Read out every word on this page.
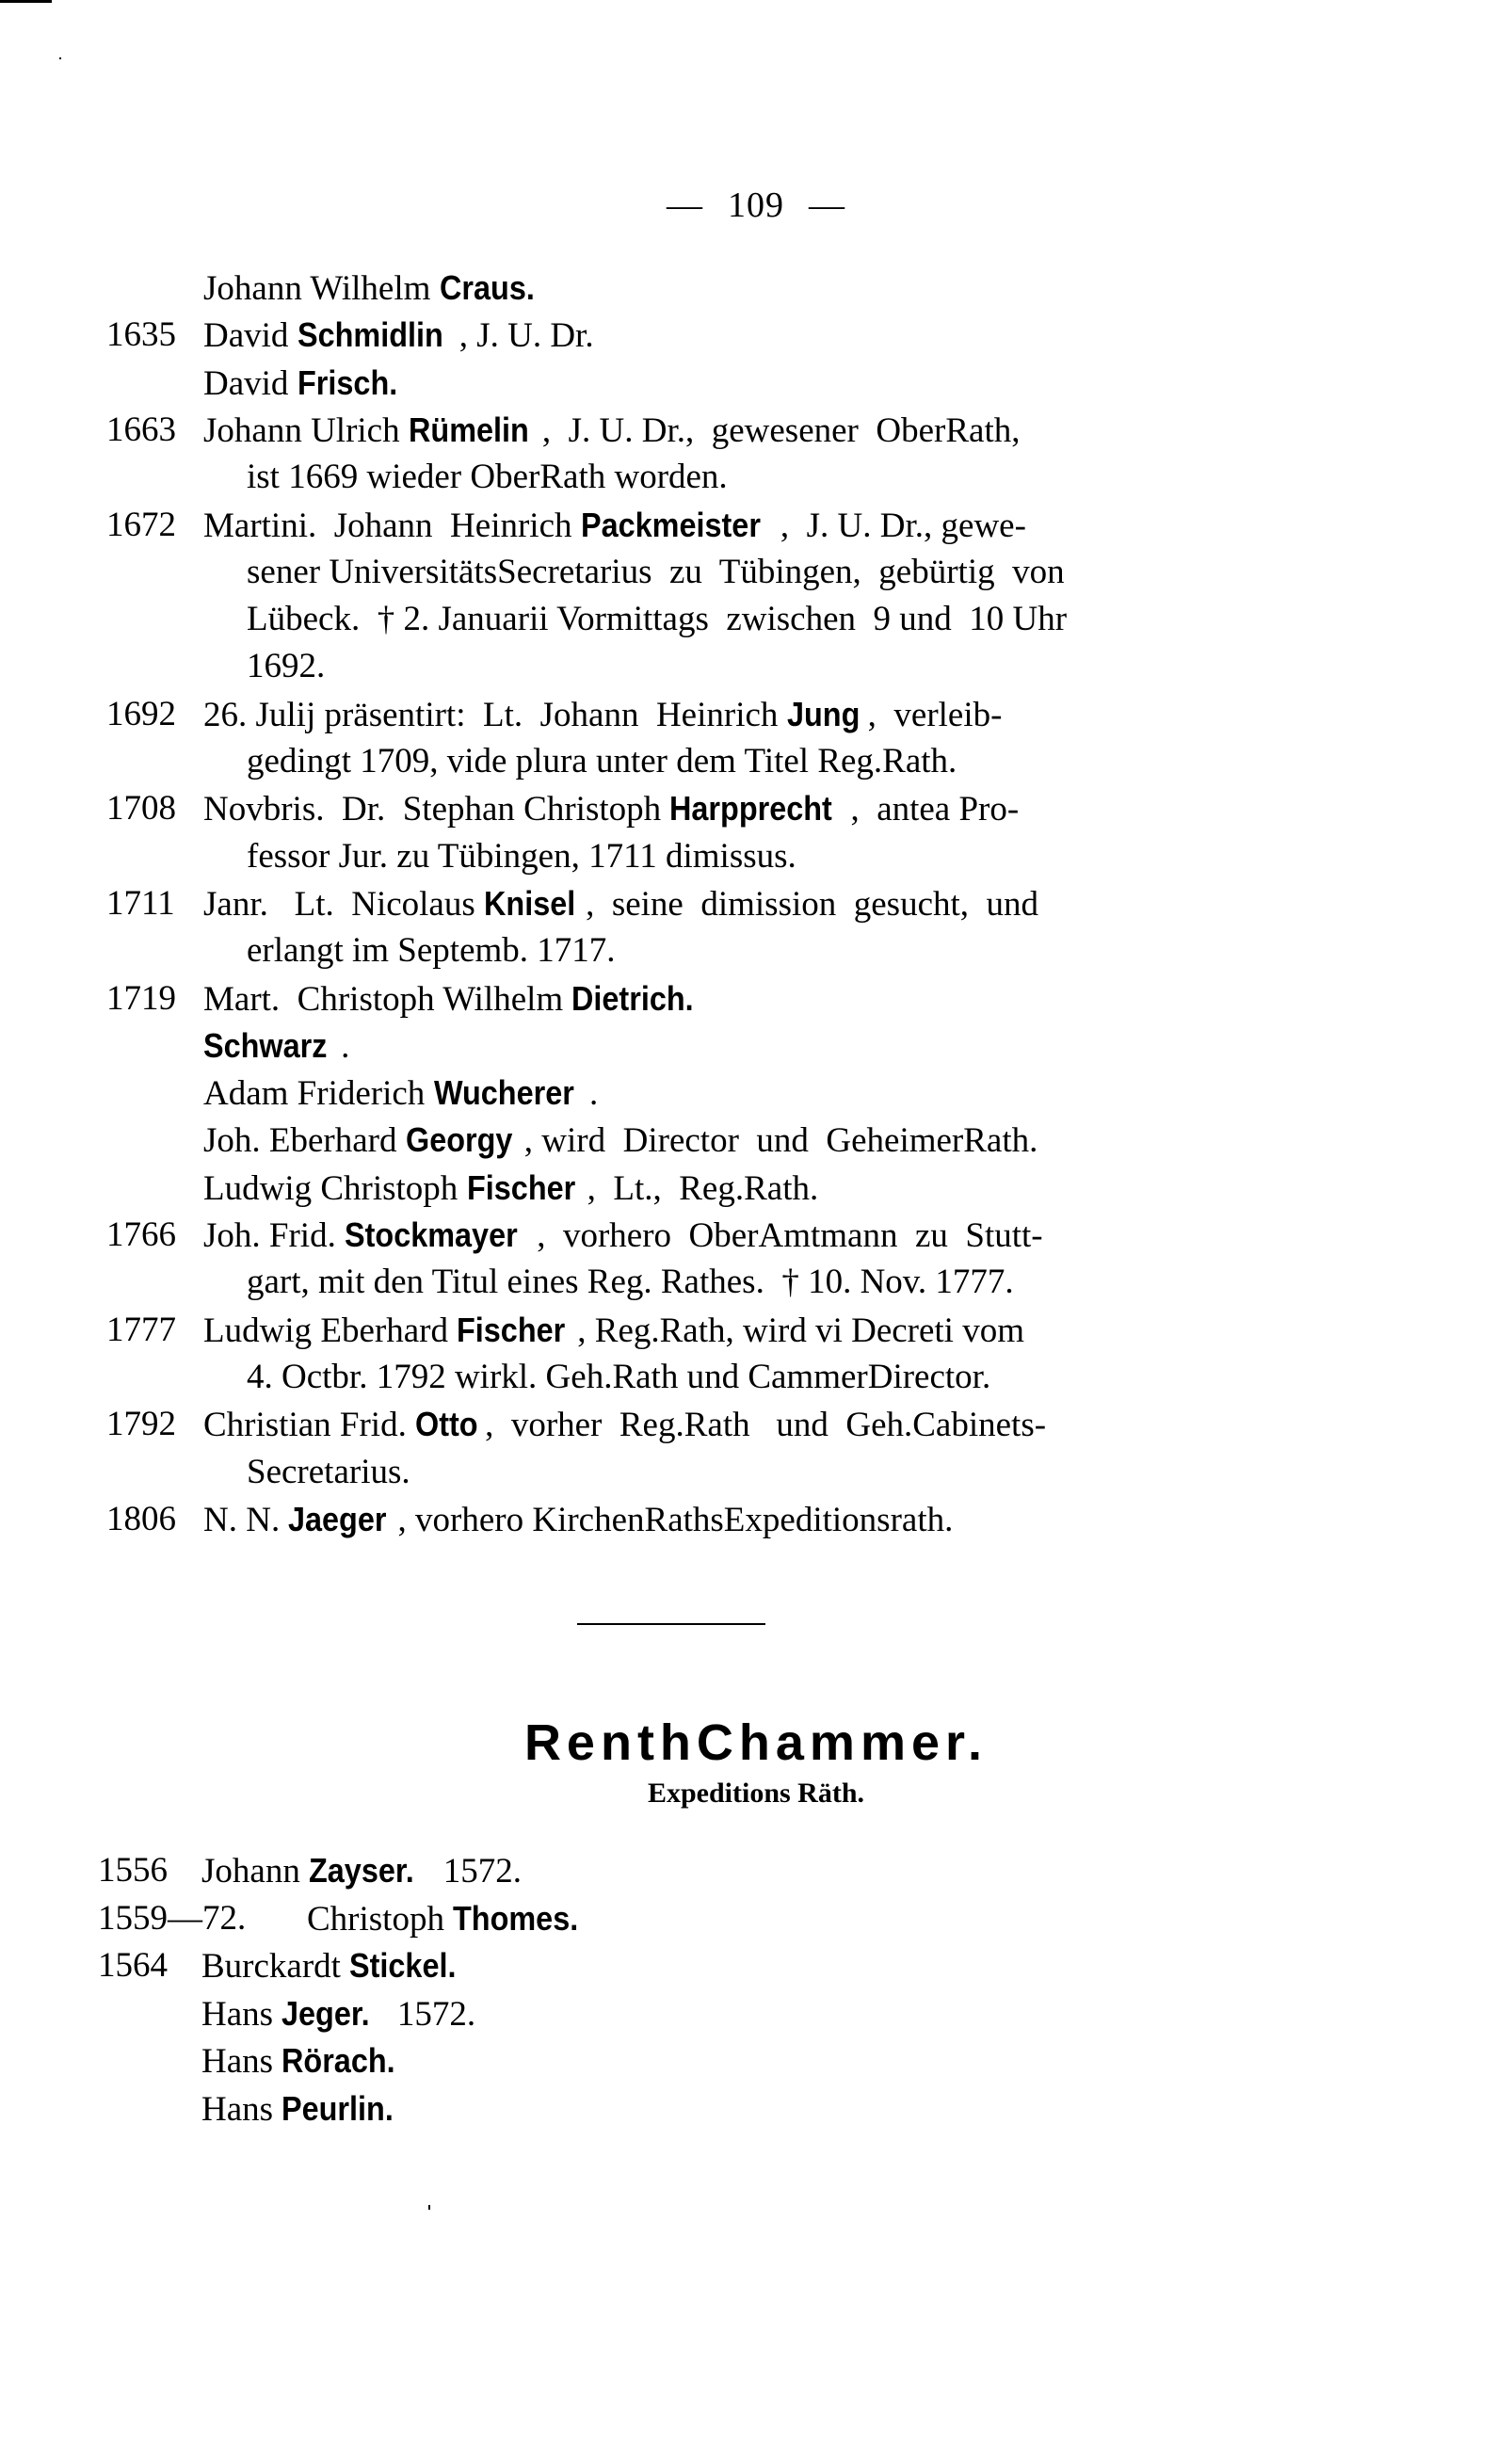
— 109 —
Johann Wilhelm Craus.
1635 David Schmidlin , J. U. Dr.
David Frisch.
1663 Johann Ulrich Rümelin ,  J. U. Dr.,  gewesener  OberRath,
ist 1669 wieder OberRath worden.
1672 Martini.  Johann  Heinrich Packmeister ,  J. U. Dr., gewe-
sener UniversitätsSecretarius  zu  Tübingen,  gebürtig  von
Lübeck.  † 2. Januarii Vormittags  zwischen  9 und  10 Uhr
1692.
1692 26. Julij präsentirt:  Lt.  Johann  Heinrich Jung ,  verleib-
gedingt 1709, vide plura unter dem Titel Reg.Rath.
1708 Novbris.  Dr.  Stephan Christoph Harpprecht ,  antea Pro-
fessor Jur. zu Tübingen, 1711 dimissus.
1711 Janr.   Lt.  Nicolaus Knisel ,  seine  dimission  gesucht,  und
erlangt im Septemb. 1717.
1719 Mart.  Christoph Wilhelm Dietrich.
Schwarz .
Adam Friderich Wucherer .
Joh. Eberhard Georgy , wird  Director  und  GeheimerRath.
Ludwig Christoph Fischer ,  Lt.,  Reg.Rath.
1766 Joh. Frid. Stockmayer ,  vorhero  OberAmtmann  zu  Stutt-
gart, mit den Titul eines Reg. Rathes.  † 10. Nov. 1777.
1777 Ludwig Eberhard Fischer , Reg.Rath, wird vi Decreti vom
4. Octbr. 1792 wirkl. Geh.Rath und CammerDirector.
1792 Christian Frid. Otto ,  vorher  Reg.Rath   und  Geh.Cabinets-
Secretarius.
1806 N. N. Jaeger , vorhero KirchenRathsExpeditionsrath.
RenthChammer.
Expeditions Räth.
1556 Johann Zayser.  1572.
1559—72. Christoph Thomes.
1564 Burckardt Stickel.
Hans Jeger.  1572.
Hans Rörach.
Hans Peurlin.
